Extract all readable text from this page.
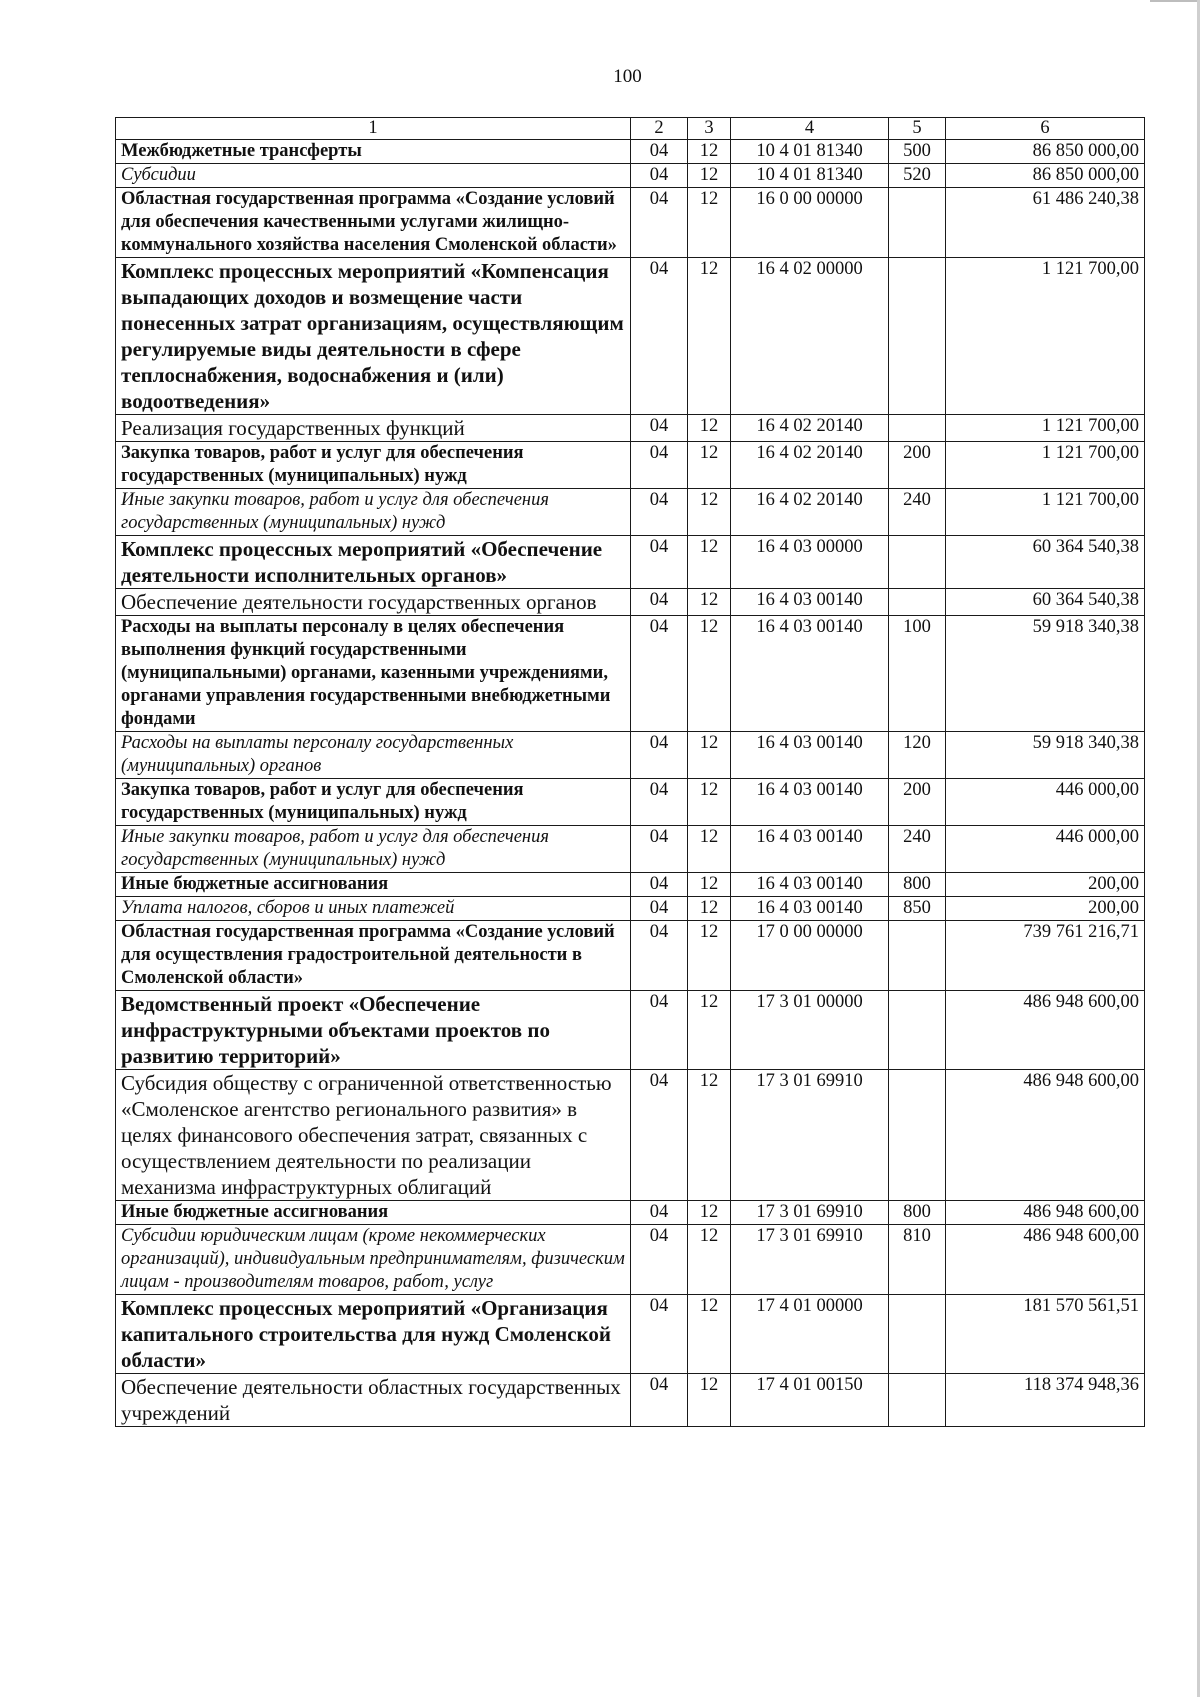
100
1	2	3	4	5	6
Межбюджетные трансферты	04	12	10 4 01 81340	500	86 850 000,00
Субсидии	04	12	10 4 01 81340	520	86 850 000,00
Областная государственная программа «Создание условий для обеспечения качественными услугами жилищно-коммунального хозяйства населения Смоленской области»	04	12	16 0 00 00000		61 486 240,38
Комплекс процессных мероприятий «Компенсация выпадающих доходов и возмещение части понесенных затрат организациям, осуществляющим регулируемые виды деятельности в сфере теплоснабжения, водоснабжения и (или) водоотведения»	04	12	16 4 02 00000		1 121 700,00
Реализация государственных функций	04	12	16 4 02 20140		1 121 700,00
Закупка товаров, работ и услуг для обеспечения государственных (муниципальных) нужд	04	12	16 4 02 20140	200	1 121 700,00
Иные закупки товаров, работ и услуг для обеспечения государственных (муниципальных) нужд	04	12	16 4 02 20140	240	1 121 700,00
Комплекс процессных мероприятий «Обеспечение деятельности исполнительных органов»	04	12	16 4 03 00000		60 364 540,38
Обеспечение деятельности государственных органов	04	12	16 4 03 00140		60 364 540,38
Расходы на выплаты персоналу в целях обеспечения выполнения функций государственными (муниципальными) органами, казенными учреждениями, органами управления государственными внебюджетными фондами	04	12	16 4 03 00140	100	59 918 340,38
Расходы на выплаты персоналу государственных (муниципальных) органов	04	12	16 4 03 00140	120	59 918 340,38
Закупка товаров, работ и услуг для обеспечения государственных (муниципальных) нужд	04	12	16 4 03 00140	200	446 000,00
Иные закупки товаров, работ и услуг для обеспечения государственных (муниципальных) нужд	04	12	16 4 03 00140	240	446 000,00
Иные бюджетные ассигнования	04	12	16 4 03 00140	800	200,00
Уплата налогов, сборов и иных платежей	04	12	16 4 03 00140	850	200,00
Областная государственная программа «Создание условий для осуществления градостроительной деятельности в Смоленской области»	04	12	17 0 00 00000		739 761 216,71
Ведомственный проект «Обеспечение инфраструктурными объектами проектов по развитию территорий»	04	12	17 3 01 00000		486 948 600,00
Субсидия обществу с ограниченной ответственностью «Смоленское агентство регионального развития» в целях финансового обеспечения затрат, связанных с осуществлением деятельности по реализации механизма инфраструктурных облигаций	04	12	17 3 01 69910		486 948 600,00
Иные бюджетные ассигнования	04	12	17 3 01 69910	800	486 948 600,00
Субсидии юридическим лицам (кроме некоммерческих организаций), индивидуальным предпринимателям, физическим лицам - производителям товаров, работ, услуг	04	12	17 3 01 69910	810	486 948 600,00
Комплекс процессных мероприятий «Организация капитального строительства для нужд Смоленской области»	04	12	17 4 01 00000		181 570 561,51
Обеспечение деятельности областных государственных учреждений	04	12	17 4 01 00150		118 374 948,36
